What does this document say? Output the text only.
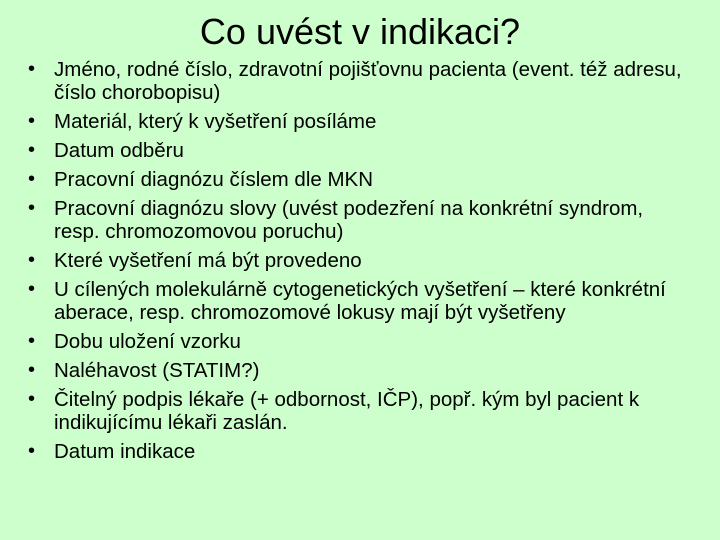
Co uvést v indikaci?
• Jméno, rodné číslo, zdravotní pojišťovnu pacienta (event. též adresu, číslo chorobopisu)
• Materiál, který k vyšetření posíláme
• Datum odběru
• Pracovní diagnózu číslem dle MKN
• Pracovní diagnózu slovy (uvést podezření na konkrétní syndrom, resp. chromozomovou poruchu)
• Které vyšetření má být provedeno
• U cílených molekulárně cytogenetických vyšetření – které konkrétní aberace, resp. chromozomové lokusy mají být vyšetřeny
• Dobu uložení vzorku
• Naléhavost (STATIM?)
• Čitelný podpis lékaře (+ odbornost, IČP), popř. kým byl pacient k indikujícímu lékaři zaslán.
• Datum indikace
